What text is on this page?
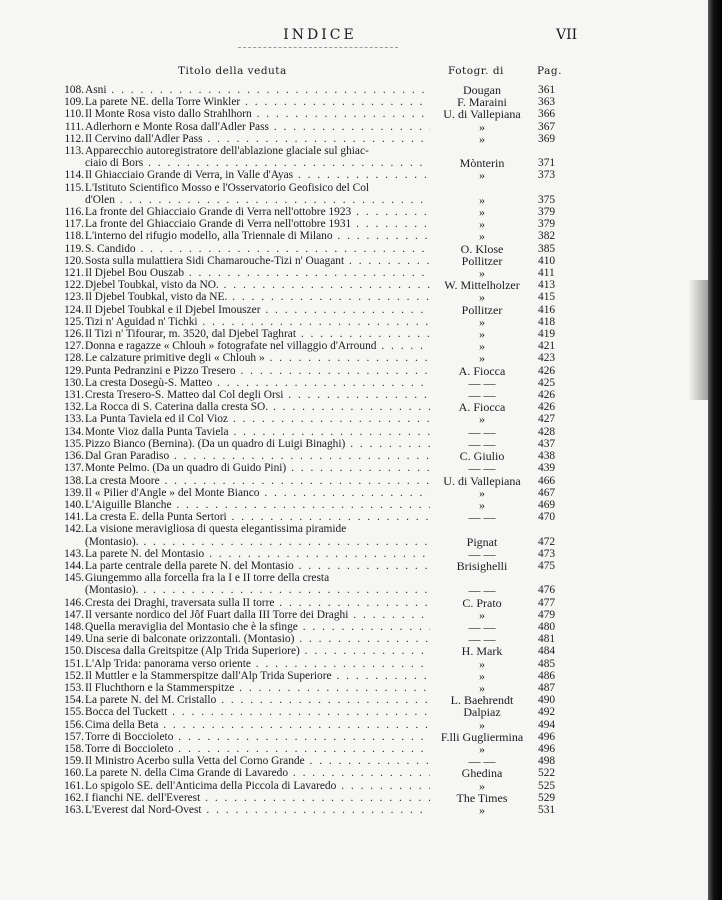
INDICE	VII
Titolo della veduta	Fotogr. di	Pag.
108. Asni . . .	Dougan	361
109. La parete NE. della Torre Winkler . . .	F. Maraini	363
110. Il Monte Rosa visto dallo Strahlhorn . . .	U. di Vallepiana	366
111. Adlerhorn e Monte Rosa dall'Adler Pass . . .	»	367
112. Il Cervino dall'Adler Pass . . .	»	369
113. Apparecchio autoregistratore dell'ablazione glaciale sul ghiac-
ciaio di Bors . . .	Mònterin	371
114. Il Ghiacciaio Grande di Verra, in Valle d'Ayas . . .	»	373
115. L'Istituto Scientifico Mosso e l'Osservatorio Geofisico del Col
d'Olen . . .	»	375
116. La fronte del Ghiacciaio Grande di Verra nell'ottobre 1923 . . .	»	379
117. La fronte del Ghiacciaio Grande di Verra nell'ottobre 1931 . . .	»	379
118. L'interno del rifugio modello, alla Triennale di Milano . . .	»	382
119. S. Candido . . .	O. Klose	385
120. Sosta sulla mulattiera Sidi Chamarouche-Tizi n' Ouagant . . .	Pollitzer	410
121. Il Djebel Bou Ouszab . . .	»	411
122. Djebel Toubkal, visto da NO. . . .	W. Mittelholzer	413
123. Il Djebel Toubkal, visto da NE. . . .	»	415
124. Il Djebel Toubkal e il Djebel Imouszer . . .	Pollitzer	416
125. Tizi n' Aguidad n' Tichki . . .	»	418
126. Il Tizi n' Tifourar, m. 3520, dal Djebel Taghrat . . .	»	419
127. Donna e ragazze « Chlouh » fotografate nel villaggio d'Arround . . .	»	421
128. Le calzature primitive degli « Chlouh » . . .	»	423
129. Punta Pedranzini e Pizzo Tresero . . .	A. Fiocca	426
130. La cresta Dosegù-S. Matteo . . .	— —	425
131. Cresta Tresero-S. Matteo dal Col degli Orsi . . .	— —	426
132. La Rocca di S. Caterina dalla cresta SO. . . .	A. Fiocca	426
133. La Punta Taviela ed il Col Vioz . . .	»	427
134. Monte Vioz dalla Punta Taviela . . .	— —	428
135. Pizzo Bianco (Bernina). (Da un quadro di Luigi Binaghi) . . .	— —	437
136. Dal Gran Paradiso . . .	C. Giulio	438
137. Monte Pelmo. (Da un quadro di Guido Pini) . . .	— —	439
138. La cresta Moore . . .	U. di Vallepiana	466
139. Il « Pilier d'Angle » del Monte Bianco . . .	»	467
140. L'Aiguille Blanche . . .	»	469
141. La cresta E. della Punta Sertori . . .	— —	470
142. La visione meravigliosa di questa elegantissima piramide
(Montasio). . . .	Pignat	472
143. La parete N. del Montasio . . .	— —	473
144. La parte centrale della parete N. del Montasio . . .	Brisighelli	475
145. Giungemmo alla forcella fra la I e II torre della cresta
(Montasio). . . .	— —	476
146. Cresta dei Draghi, traversata sulla II torre . . .	C. Prato	477
147. Il versante nordico del Jôf Fuart dalla III Torre dei Draghi . . .	»	479
148. Quella meraviglia del Montasio che è la sfinge . . .	— —	480
149. Una serie di balconate orizzontali. (Montasio) . . .	— —	481
150. Discesa dalla Greitspitze (Alp Trida Superiore) . . .	H. Mark	484
151. L'Alp Trida: panorama verso oriente . . .	»	485
152. Il Muttler e la Stammerspitze dall'Alp Trida Superiore . . .	»	486
153. Il Fluchthorn e la Stammerspitze . . .	»	487
154. La parete N. del M. Cristallo . . .	L. Baehrendt	490
155. Bocca del Tuckett . . .	Dalpiaz	492
156. Cima della Beta . . .	»	494
157. Torre di Boccioleto . . .	F.lli Gugliermina	496
158. Torre di Boccioleto . . .	»	496
159. Il Ministro Acerbo sulla Vetta del Corno Grande . . .	— —	498
160. La parete N. della Cima Grande di Lavaredo . . .	Ghedina	522
161. Lo spigolo SE. dell'Anticima della Piccola di Lavaredo . . .	»	525
162. I fianchi NE. dell'Everest . . .	The Times	529
163. L'Everest dal Nord-Ovest . . .	»	531
